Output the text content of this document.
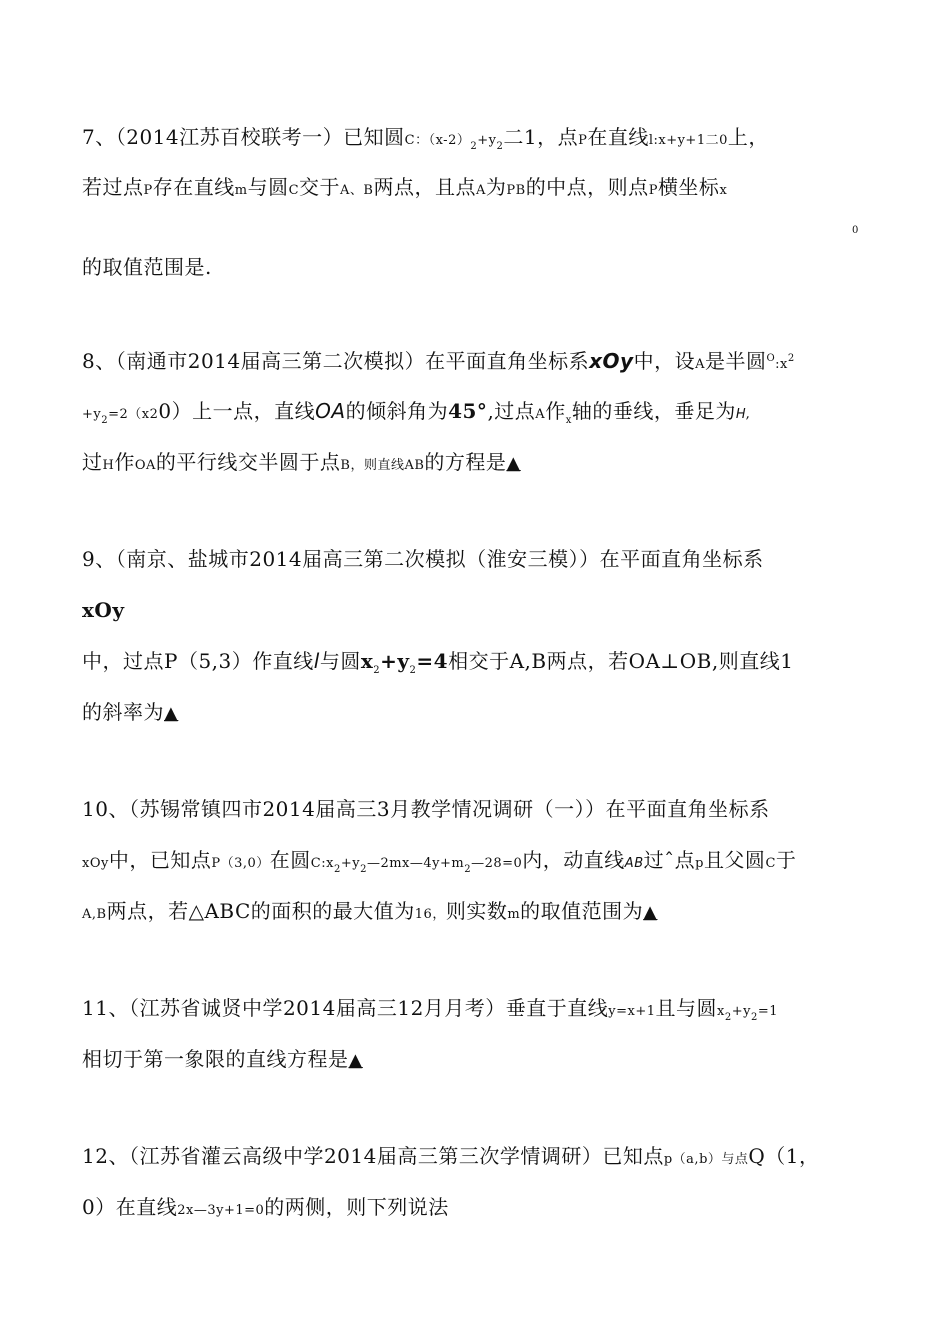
7、（2014江苏百校联考一）已知圆C：$(x-2)_2+y_2$二1，点P在直线l:x+y+1二0上，
若过点P存在直线m与圆C交于A、B两点，且点A为PB的中点，则点P横坐标x
0
的取值范围是.
8、（南通市2014届高三第二次模拟）在平面直角坐标系xOy中，设A是半圆$^O:x^2$
$+y_2=2(x20)$上一点，直线OA的倾斜角为45°,过点A作$_x$轴的垂线，垂足为H,
过H作OA的平行线交半圆于点B，则直线AB的方程是▲
9、（南京、盐城市2014届高三第二次模拟（淮安三模））在平面直角坐标系
xOy
中，过点P（5,3）作直线l与圆$x_2+y_2=4$相交于A,B两点，若OA⊥OB,则直线1
的斜率为▲
10、（苏锡常镇四市2014届高三3月教学情况调研（一））在平面直角坐标系
xOy中，已知点P（3,0）在圆$C:x_2+y_2—2mx—4y+m_2—28=0$内，动直线AB过ˆ点p且父圆C于
A,B两点，若△ABC的面积的最大值为16，则实数m的取值范围为▲
11、（江苏省诚贤中学2014届高三12月月考）垂直于直线y=x+1且与圆$x_2+y_2=1$
相切于第一象限的直线方程是▲
12、（江苏省灌云高级中学2014届高三第三次学情调研）已知点p（a,b）与点Q（1，
0）在直线2x—3y+1=0的两侧，则下列说法
